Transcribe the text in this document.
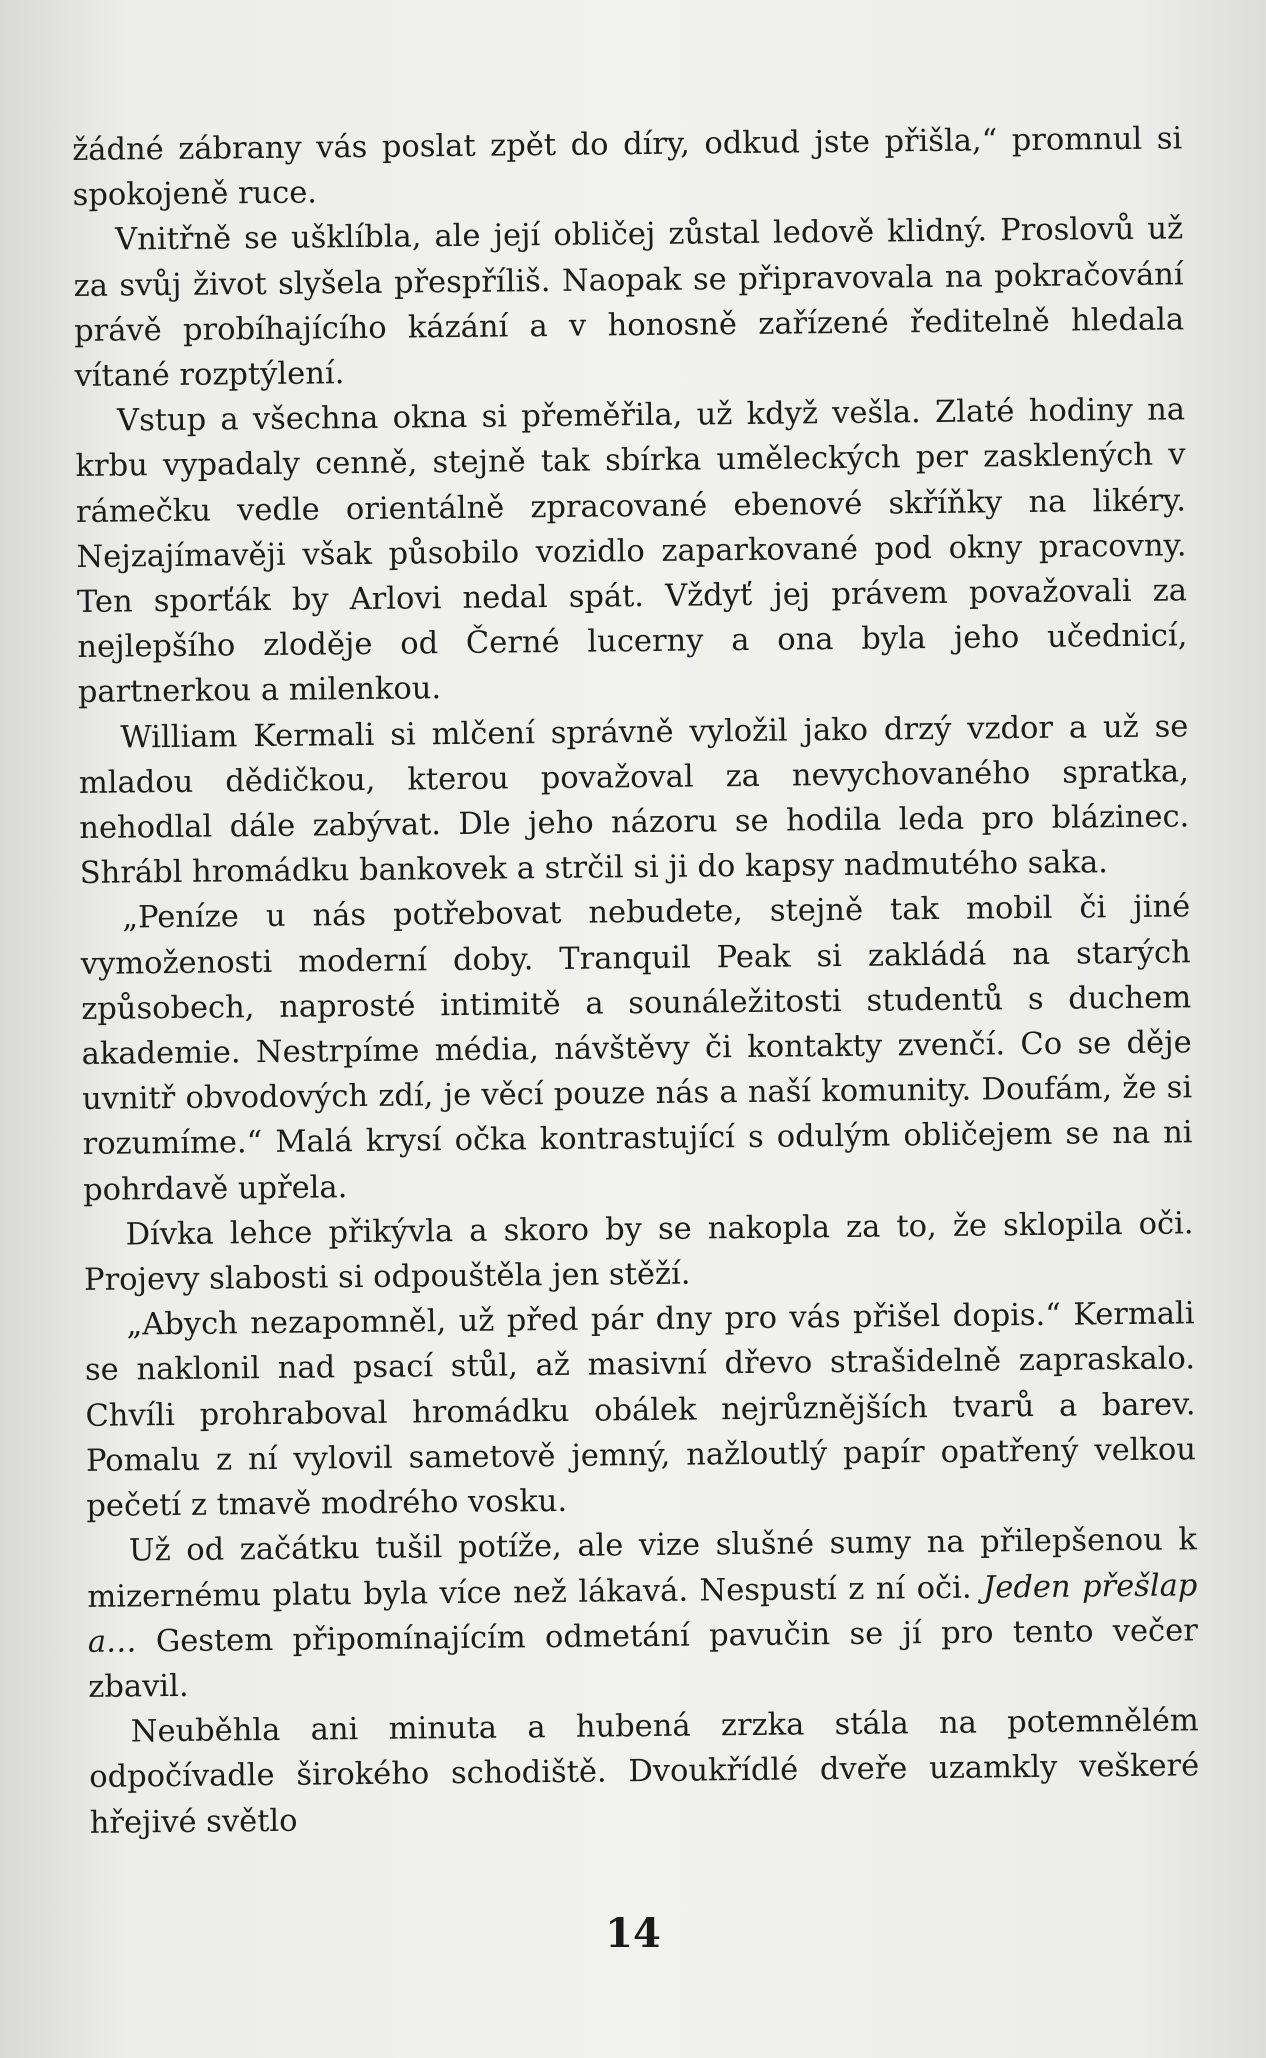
žádné zábrany vás poslat zpět do díry, odkud jste přišla,“ promnul si spokojeně ruce.

Vnitřně se ušklíbla, ale její obličej zůstal ledově klidný. Proslovů už za svůj život slyšela přespříliš. Naopak se připravovala na pokračování právě probíhajícího kázání a v honosně zařízené ředitelně hledala vítané rozptýlení.

Vstup a všechna okna si přeměřila, už když vešla. Zlaté hodiny na krbu vypadaly cenně, stejně tak sbírka uměleckých per zasklených v rámečku vedle orientálně zpracované ebenové skříňky na likéry. Nejzajímavěji však působilo vozidlo zaparkované pod okny pracovny. Ten sporťák by Arlovi nedal spát. Vždyť jej právem považovali za nejlepšího zloděje od Černé lucerny a ona byla jeho učednicí, partnerkou a milenkou.

William Kermali si mlčení správně vyložil jako drzý vzdor a už se mladou dědičkou, kterou považoval za nevychovaného spratka, nehodlal dále zabývat. Dle jeho názoru se hodila leda pro blázinec. Shrábl hromádku bankovek a strčil si ji do kapsy nadmutého saka.

„Peníze u nás potřebovat nebudete, stejně tak mobil či jiné vymoženosti moderní doby. Tranquil Peak si zakládá na starých způsobech, naprosté intimitě a sounáležitosti studentů s duchem akademie. Nestrpíme média, návštěvy či kontakty zvenčí. Co se děje uvnitř obvodových zdí, je věcí pouze nás a naší komunity. Doufám, že si rozumíme.“ Malá krysí očka kontrastující s odulým obličejem se na ni pohrdavě upřela.

Dívka lehce přikývla a skoro by se nakopla za to, že sklopila oči. Projevy slabosti si odpouštěla jen stěží.

„Abych nezapomněl, už před pár dny pro vás přišel dopis.“ Kermali se naklonil nad psací stůl, až masivní dřevo strašidelně zapraskalo. Chvíli prohraboval hromádku obálek nejrůznějších tvarů a barev. Pomalu z ní vylovil sametově jemný, nažloutlý papír opatřený velkou pečetí z tmavě modrého vosku.

Už od začátku tušil potíže, ale vize slušné sumy na přilepšenou k mizernému platu byla více než lákavá. Nespustí z ní oči. Jeden přešlap a… Gestem připomínajícím odmetání pavučin se jí pro tento večer zbavil.

Neuběhla ani minuta a hubená zrzka stála na potemnělém odpočívadle širokého schodiště. Dvoukřídlé dveře uzamkly veškeré hřejivé světlo

14
